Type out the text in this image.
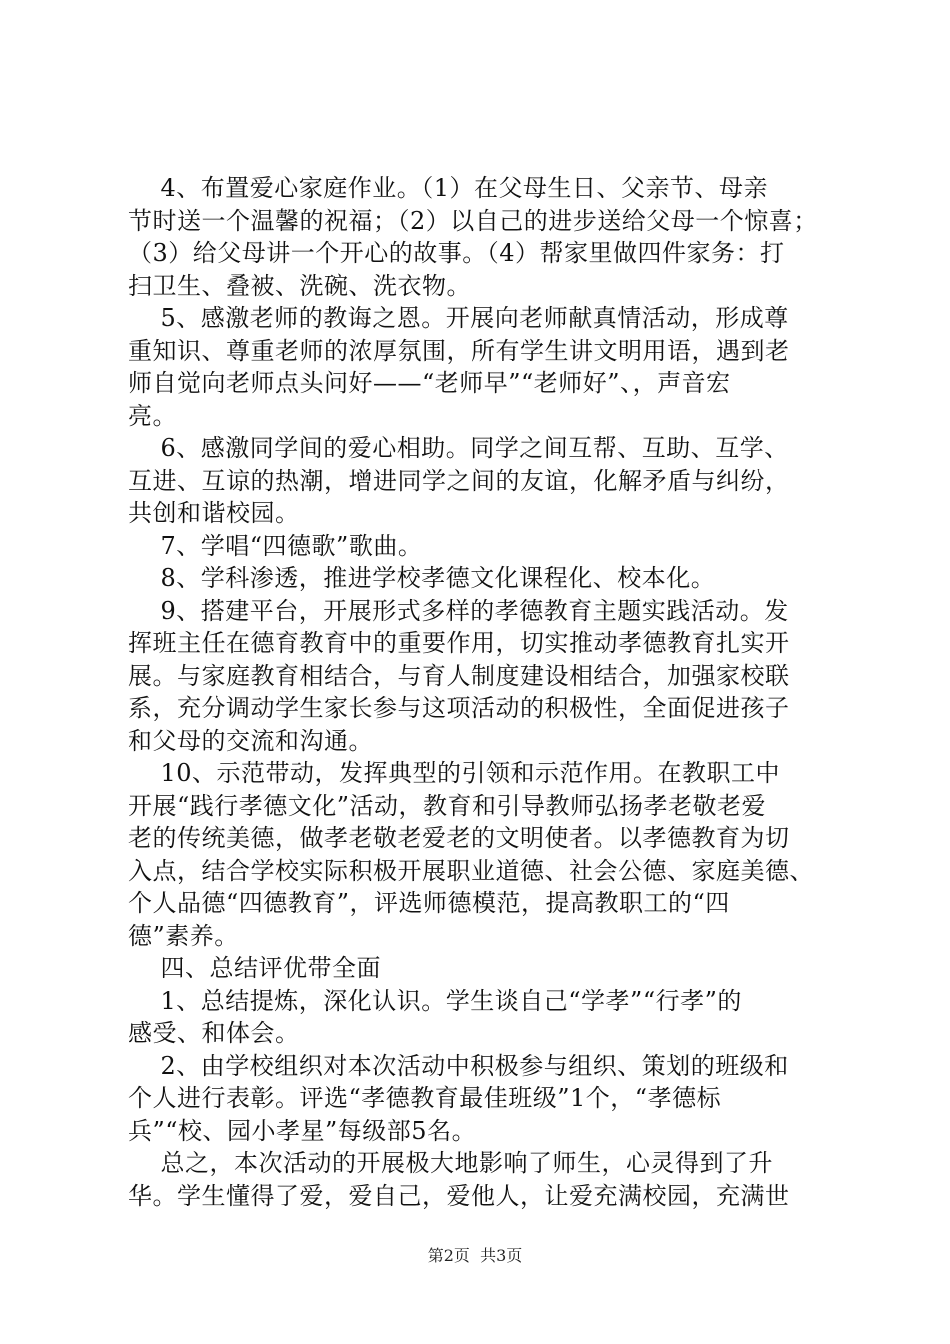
4、布置爱心家庭作业。（1）在父母生日、父亲节、母亲
节时送一个温馨的祝福；（2）以自己的进步送给父母一个惊喜；
（3）给父母讲一个开心的故事。（4）帮家里做四件家务：打
扫卫生、叠被、洗碗、洗衣物。
5、感激老师的教诲之恩。开展向老师献真情活动，形成尊
重知识、尊重老师的浓厚氛围，所有学生讲文明用语，遇到老
师自觉向老师点头问好——“老师早”“老师好”、，声音宏
亮。
6、感激同学间的爱心相助。同学之间互帮、互助、互学、
互进、互谅的热潮，增进同学之间的友谊，化解矛盾与纠纷，
共创和谐校园。
7、学唱“四德歌”歌曲。
8、学科渗透，推进学校孝德文化课程化、校本化。
9、搭建平台，开展形式多样的孝德教育主题实践活动。发
挥班主任在德育教育中的重要作用，切实推动孝德教育扎实开
展。与家庭教育相结合，与育人制度建设相结合，加强家校联
系，充分调动学生家长参与这项活动的积极性，全面促进孩子
和父母的交流和沟通。
10、示范带动，发挥典型的引领和示范作用。在教职工中
开展“践行孝德文化”活动，教育和引导教师弘扬孝老敬老爱
老的传统美德，做孝老敬老爱老的文明使者。以孝德教育为切
入点，结合学校实际积极开展职业道德、社会公德、家庭美德、
个人品德“四德教育”，评选师德模范，提高教职工的“四
德”素养。
四、总结评优带全面
1、总结提炼，深化认识。学生谈自己“学孝”“行孝”的
感受、和体会。
2、由学校组织对本次活动中积极参与组织、策划的班级和
个人进行表彰。评选“孝德教育最佳班级”1个，“孝德标
兵”“校、园小孝星”每级部5名。
总之，本次活动的开展极大地影响了师生，心灵得到了升
华。学生懂得了爱，爱自己，爱他人，让爱充满校园，充满世
第2页  共3页
